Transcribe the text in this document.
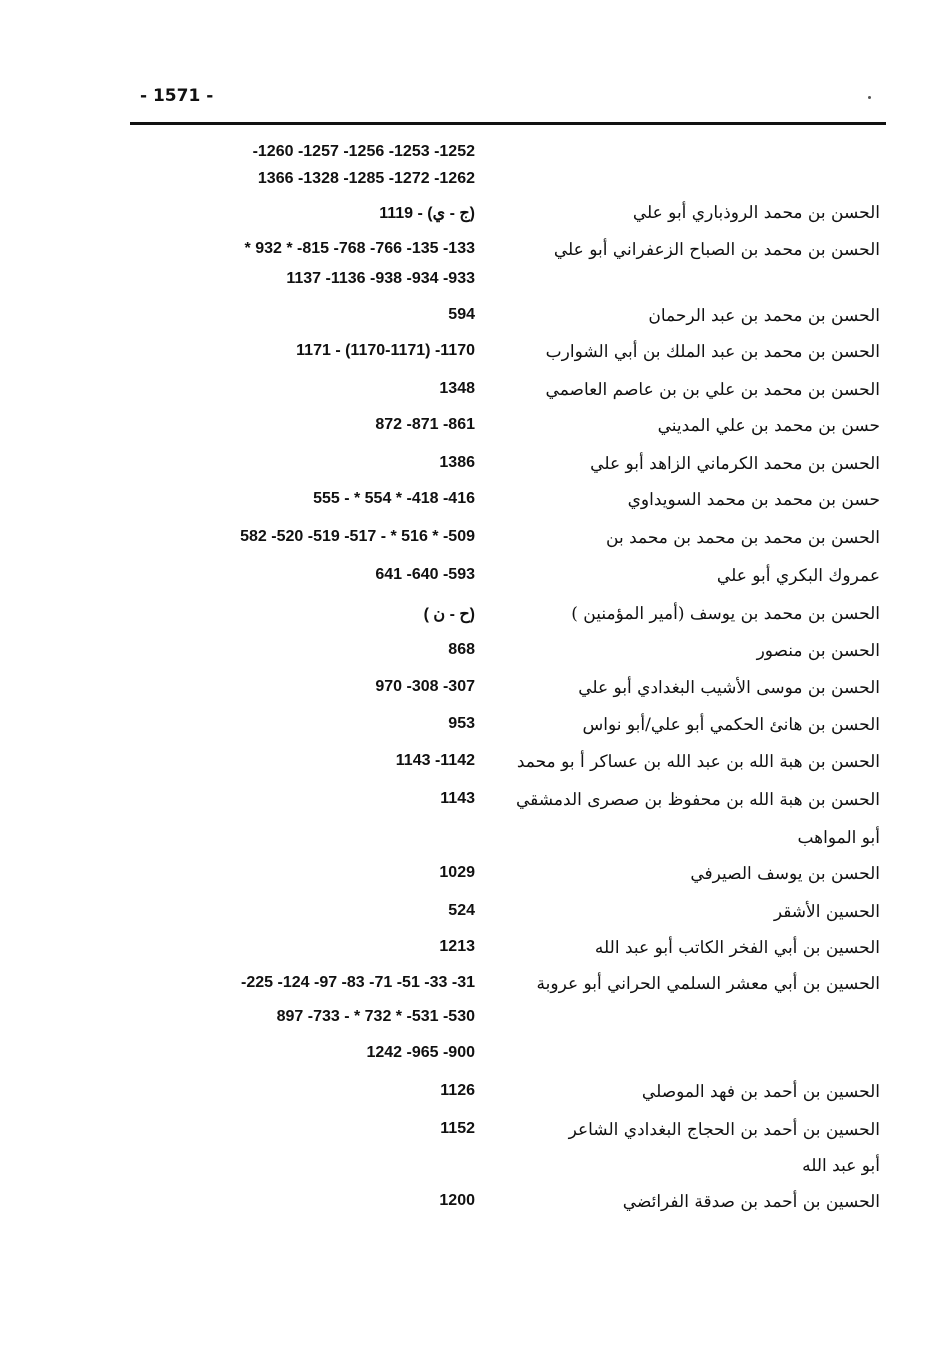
- 1571 -
1252- 1253- 1256- 1257- 1260-
1262- 1272- 1285- 1328- 1366
الحسن بن محمد الروذباري أبو علي
(ج - ي) - 1119
الحسن بن محمد بن الصباح الزعفراني أبو علي
133- 135- 766- 768- 815- * 932 *
933- 934- 938- 1136- 1137
الحسن بن محمد بن عبد الرحمان
594
الحسن بن محمد بن عبد الملك بن أبي الشوارب
1170- (1170-1171) - 1171
الحسن بن محمد بن علي بن بن عاصم العاصمي
1348
حسن بن محمد بن علي المديني
861- 871- 872
الحسن بن محمد الكرماني الزاهد أبو علي
1386
حسن بن محمد بن محمد السويداوي
416- 418- * 554 * - 555
الحسن بن محمد بن محمد بن محمد بن
509- * 516 * - 517- 519- 520- 582
عمروك البكري أبو علي
593- 640- 641
الحسن بن محمد بن يوسف (أمير المؤمنين )
(ح - ن )
الحسن بن منصور
868
الحسن بن موسى الأشيب البغدادي أبو علي
307- 308- 970
الحسن بن هانئ الحكمي أبو علي/أبو نواس
953
الحسن بن هبة الله بن عبد الله بن عساكر أ بو محمد
1142- 1143
الحسن بن هبة الله بن محفوظ بن صصرى الدمشقي
1143
أبو المواهب
الحسن بن يوسف الصيرفي
1029
الحسين الأشقر
524
الحسين بن أبي الفخر الكاتب أبو عبد الله
1213
الحسين بن أبي معشر السلمي الحراني أبو عروبة
31- 33- 51- 71- 83- 97- 124- 225-
530- 531- * 732 * - 733- 897
900- 965- 1242
الحسين بن أحمد بن فهد الموصلي
1126
الحسين بن أحمد بن الحجاج البغدادي الشاعر
1152
أبو عبد الله
الحسين بن أحمد بن صدقة الفرائضي
1200
